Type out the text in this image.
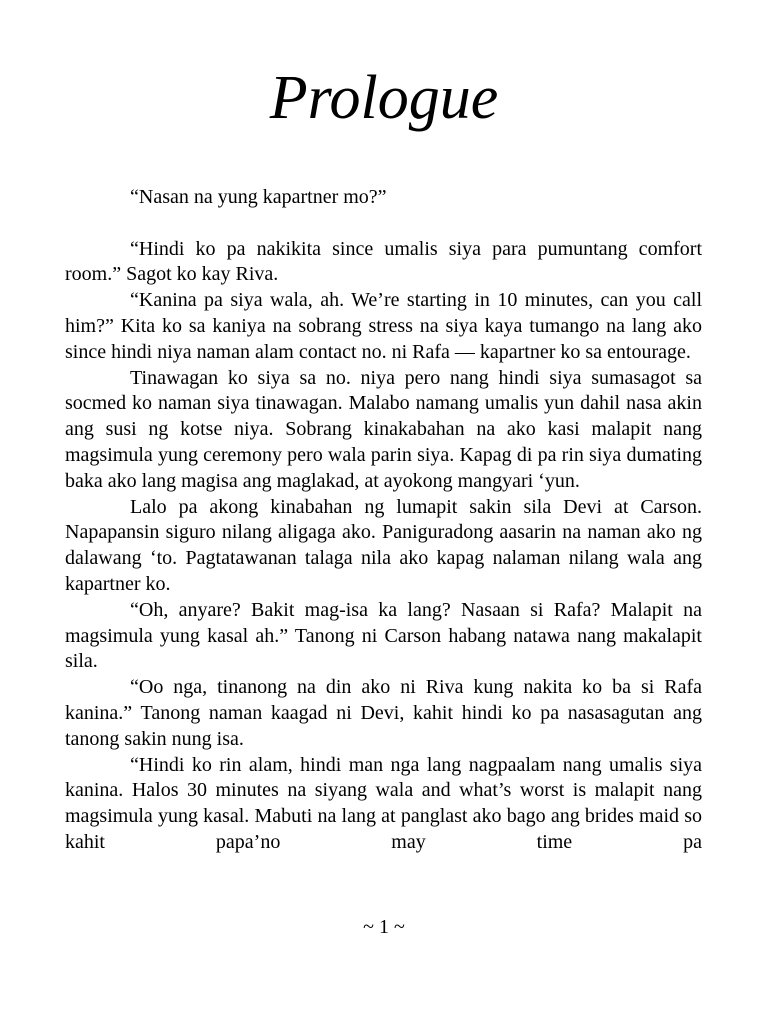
Prologue

“Nasan na yung kapartner mo?”

“Hindi ko pa nakikita since umalis siya para pumuntang comfort room.” Sagot ko kay Riva.

“Kanina pa siya wala, ah. We’re starting in 10 minutes, can you call him?” Kita ko sa kaniya na sobrang stress na siya kaya tumango na lang ako since hindi niya naman alam contact no. ni Rafa — kapartner ko sa entourage.

Tinawagan ko siya sa no. niya pero nang hindi siya sumasagot sa socmed ko naman siya tinawagan. Malabo namang umalis yun dahil nasa akin ang susi ng kotse niya. Sobrang kinakabahan na ako kasi malapit nang magsimula yung ceremony pero wala parin siya. Kapag di pa rin siya dumating baka ako lang magisa ang maglakad, at ayokong mangyari ‘yun.

Lalo pa akong kinabahan ng lumapit sakin sila Devi at Carson. Napapansin siguro nilang aligaga ako. Paniguradong aasarin na naman ako ng dalawang ‘to. Pagtatawanan talaga nila ako kapag nalaman nilang wala ang kapartner ko.

“Oh, anyare? Bakit mag-isa ka lang? Nasaan si Rafa? Malapit na magsimula yung kasal ah.” Tanong ni Carson habang natawa nang makalapit sila.

“Oo nga, tinanong na din ako ni Riva kung nakita ko ba si Rafa kanina.” Tanong naman kaagad ni Devi, kahit hindi ko pa nasasagutan ang tanong sakin nung isa.

“Hindi ko rin alam, hindi man nga lang nagpaalam nang umalis siya kanina. Halos 30 minutes na siyang wala and what’s worst is malapit nang magsimula yung kasal. Mabuti na lang at panglast ako bago ang brides maid so kahit papa’no may time pa

~ 1 ~
